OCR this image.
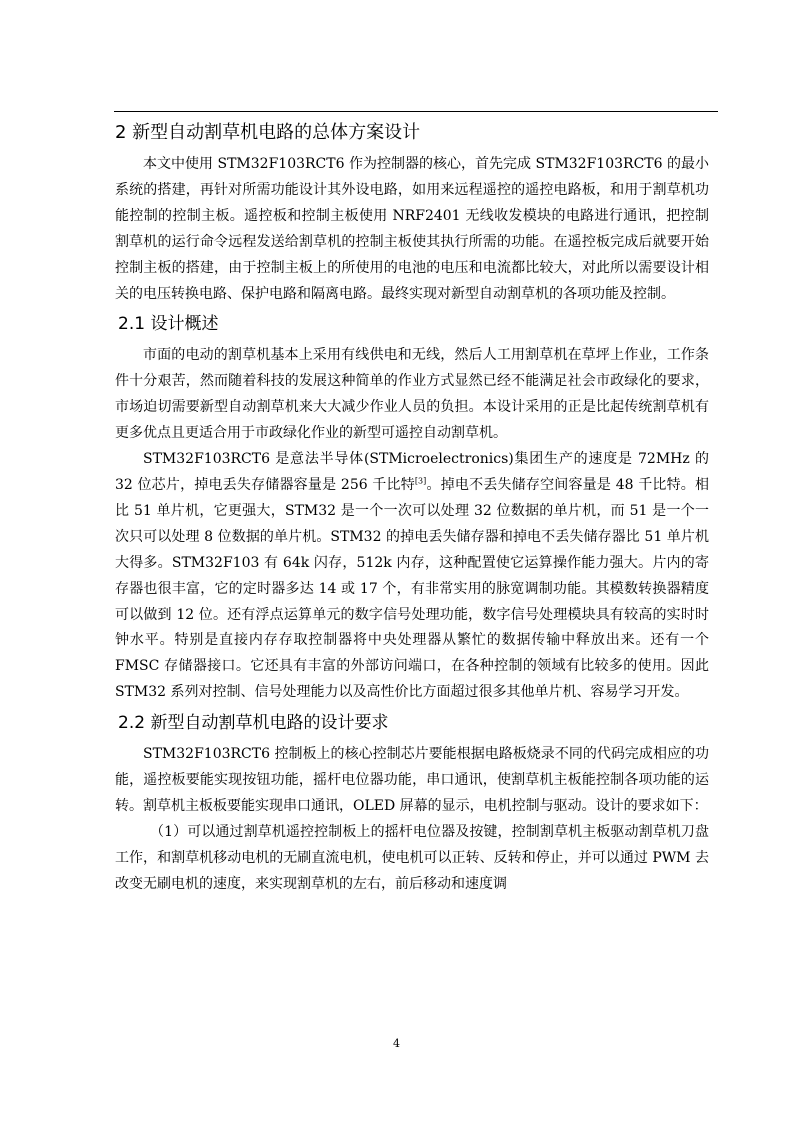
2 新型自动割草机电路的总体方案设计

本文中使用 STM32F103RCT6 作为控制器的核心，首先完成 STM32F103RCT6 的最小系统的搭建，再针对所需功能设计其外设电路，如用来远程遥控的遥控电路板，和用于割草机功能控制的控制主板。遥控板和控制主板使用 NRF2401 无线收发模块的电路进行通讯，把控制割草机的运行命令远程发送给割草机的控制主板使其执行所需的功能。在遥控板完成后就要开始控制主板的搭建，由于控制主板上的所使用的电池的电压和电流都比较大，对此所以需要设计相关的电压转换电路、保护电路和隔离电路。最终实现对新型自动割草机的各项功能及控制。

2.1 设计概述

市面的电动的割草机基本上采用有线供电和无线，然后人工用割草机在草坪上作业，工作条件十分艰苦，然而随着科技的发展这种简单的作业方式显然已经不能满足社会市政绿化的要求，市场迫切需要新型自动割草机来大大减少作业人员的负担。本设计采用的正是比起传统割草机有更多优点且更适合用于市政绿化作业的新型可遥控自动割草机。

STM32F103RCT6 是意法半导体(STMicroelectronics)集团生产的速度是 72MHz 的 32 位芯片，掉电丢失存储器容量是 256 千比特[3]。掉电不丢失储存空间容量是 48 千比特。相比 51 单片机，它更强大，STM32 是一个一次可以处理 32 位数据的单片机，而 51 是一个一次只可以处理 8 位数据的单片机。STM32 的掉电丢失储存器和掉电不丢失储存器比 51 单片机大得多。STM32F103 有 64k 闪存，512k 内存，这种配置使它运算操作能力强大。片内的寄存器也很丰富，它的定时器多达 14 或 17 个，有非常实用的脉宽调制功能。其模数转换器精度可以做到 12 位。还有浮点运算单元的数字信号处理功能，数字信号处理模块具有较高的实时时钟水平。特别是直接内存存取控制器将中央处理器从繁忙的数据传输中释放出来。还有一个 FMSC 存储器接口。它还具有丰富的外部访问端口，在各种控制的领域有比较多的使用。因此 STM32 系列对控制、信号处理能力以及高性价比方面超过很多其他单片机、容易学习开发。

2.2 新型自动割草机电路的设计要求

STM32F103RCT6 控制板上的核心控制芯片要能根据电路板烧录不同的代码完成相应的功能，遥控板要能实现按钮功能，摇杆电位器功能，串口通讯，使割草机主板能控制各项功能的运转。割草机主板板要能实现串口通讯，OLED 屏幕的显示，电机控制与驱动。设计的要求如下：

（1）可以通过割草机遥控控制板上的摇杆电位器及按键，控制割草机主板驱动割草机刀盘工作，和割草机移动电机的无刷直流电机，使电机可以正转、反转和停止，并可以通过 PWM 去改变无刷电机的速度，来实现割草机的左右，前后移动和速度调

4
